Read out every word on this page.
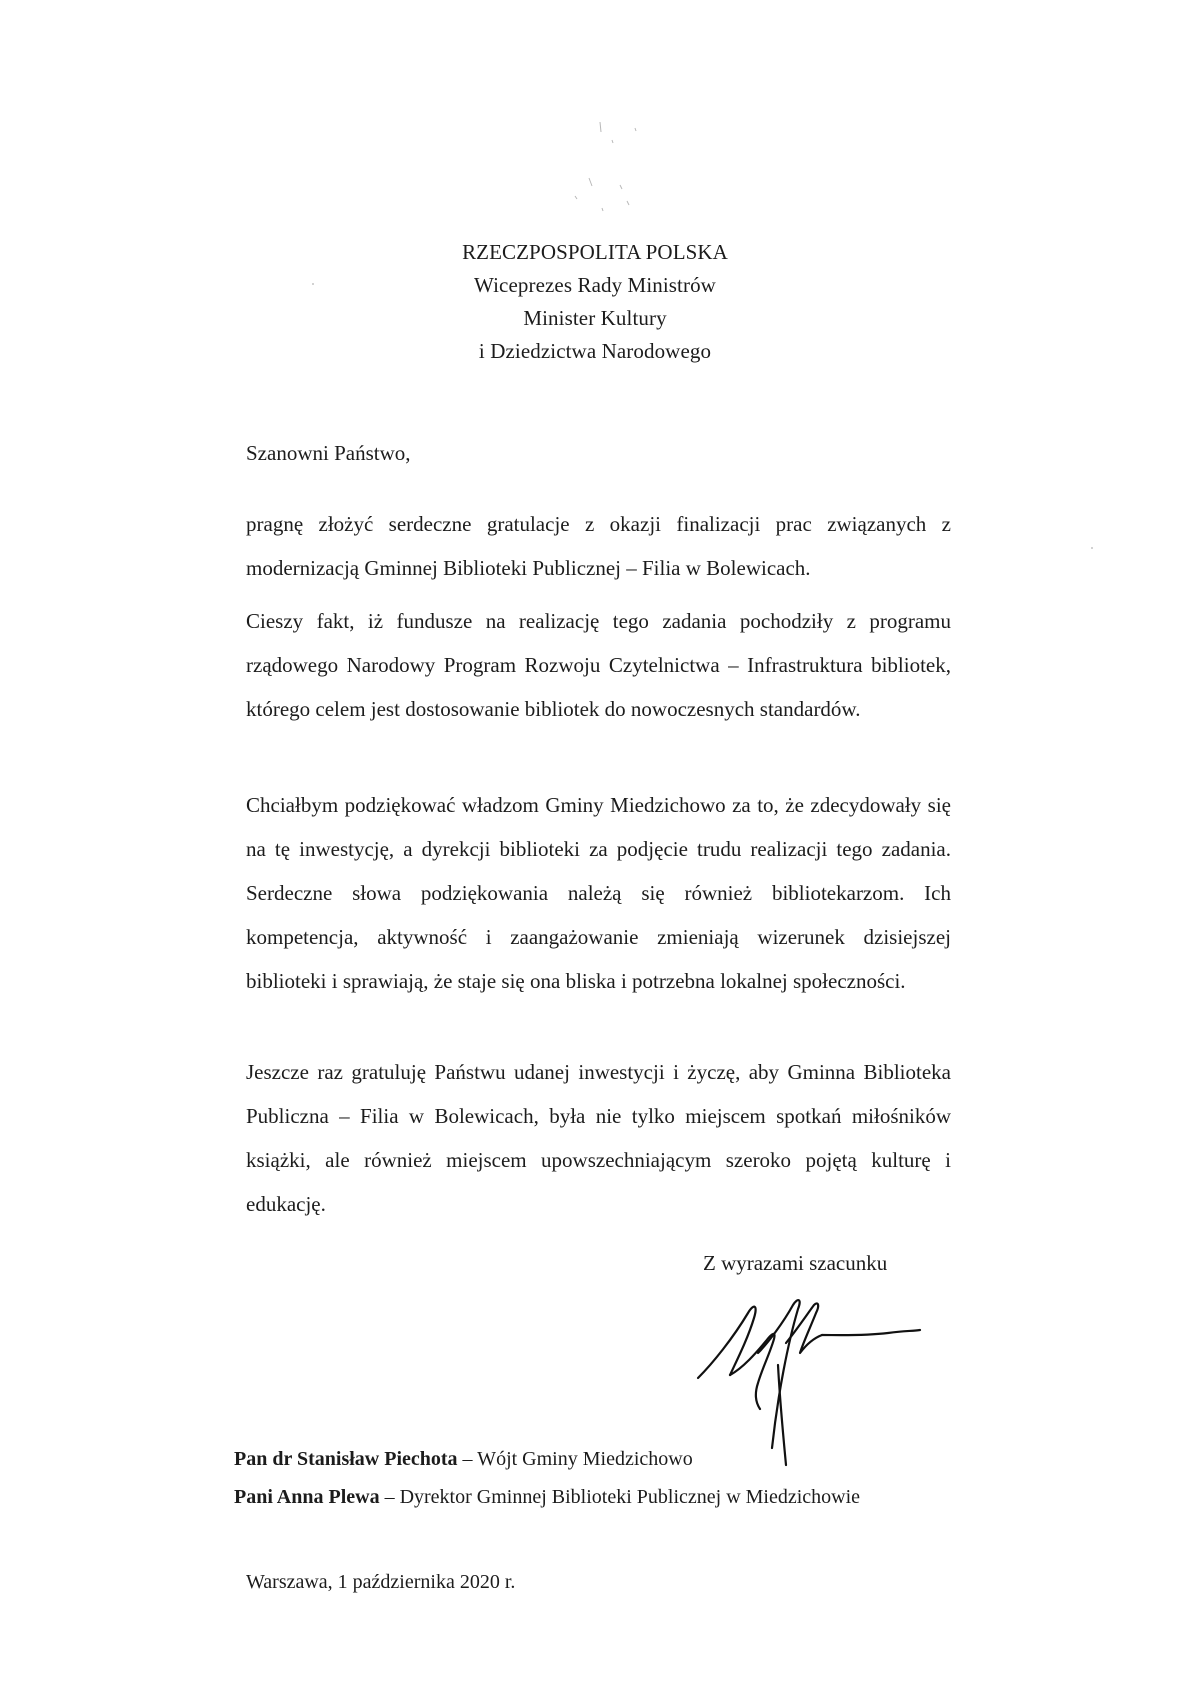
RZECZPOSPOLITA POLSKA
Wiceprezes Rady Ministrów
Minister Kultury
i Dziedzictwa Narodowego
Szanowni Państwo,

pragnę złożyć serdeczne gratulacje z okazji finalizacji prac związanych z modernizacją Gminnej Biblioteki Publicznej – Filia w Bolewicach.

Cieszy fakt, iż fundusze na realizację tego zadania pochodziły z programu rządowego Narodowy Program Rozwoju Czytelnictwa – Infrastruktura bibliotek, którego celem jest dostosowanie bibliotek do nowoczesnych standardów.

Chciałbym podziękować władzom Gminy Miedzichowo za to, że zdecydowały się na tę inwestycję, a dyrekcji biblioteki za podjęcie trudu realizacji tego zadania. Serdeczne słowa podziękowania należą się również bibliotekarzom. Ich kompetencja, aktywność i zaangażowanie zmieniają wizerunek dzisiejszej biblioteki i sprawiają, że staje się ona bliska i potrzebna lokalnej społeczności.

Jeszcze raz gratuluję Państwu udanej inwestycji i życzę, aby Gminna Biblioteka Publiczna – Filia w Bolewicach, była nie tylko miejscem spotkań miłośników książki, ale również miejscem upowszechniającym szeroko pojętą kulturę i edukację.

Z wyrazami szacunku
Pan dr Stanisław Piechota – Wójt Gminy Miedzichowo
Pani Anna Plewa – Dyrektor Gminnej Biblioteki Publicznej w Miedzichowie
Warszawa, 1 października 2020 r.
